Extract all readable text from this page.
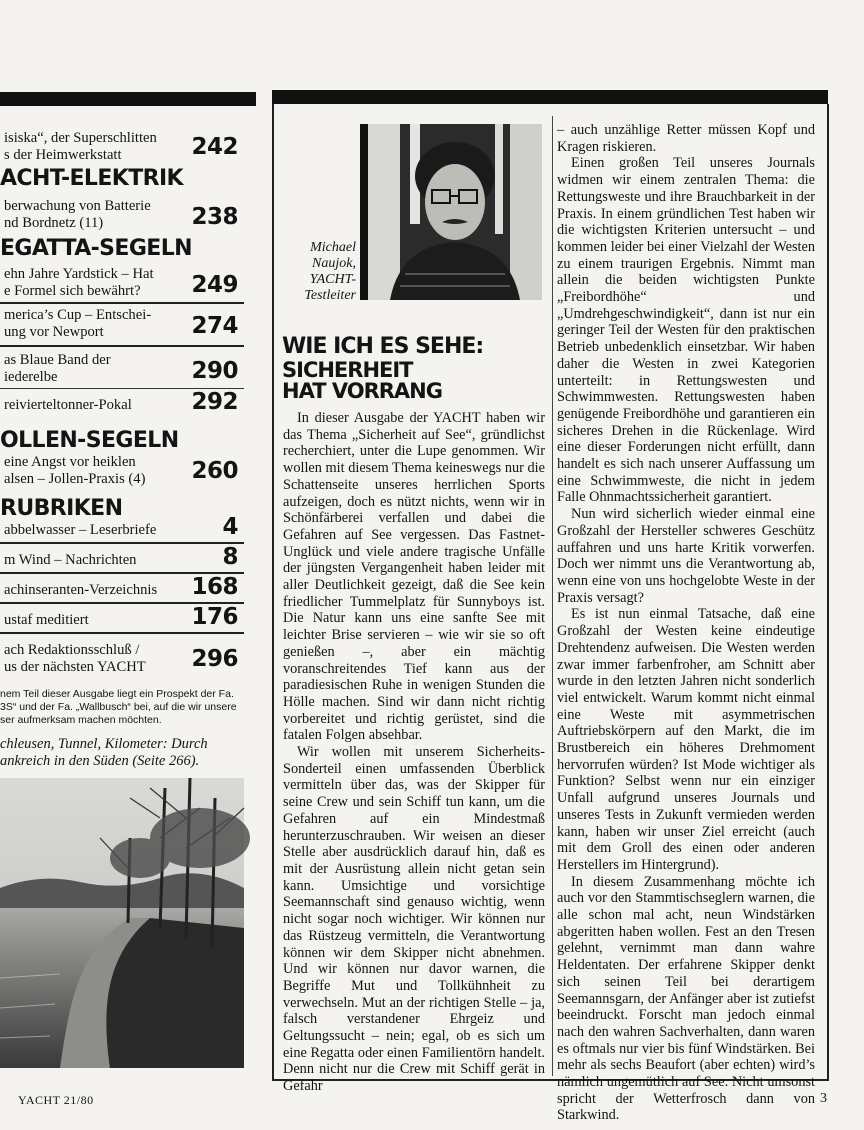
isiska“, der Superschlitten
s der Heimwerkstatt	242
ACHT-ELEKTRIK
berwachung von Batterie
nd Bordnetz (11)	238
EGATTA-SEGELN
ehn Jahre Yardstick – Hat
e Formel sich bewährt?	249
merica’s Cup – Entschei-
ung vor Newport	274
as Blaue Band der
iederelbe	290
reivierteltonner-Pokal	292
OLLEN-SEGELN
eine Angst vor heiklen
alsen – Jollen-Praxis (4)	260
RUBRIKEN
abbelwasser – Leserbriefe	4
m Wind – Nachrichten	8
achinseranten-Verzeichnis	168
ustaf meditiert	176
ach Redaktionsschluß /
us der nächsten YACHT	296
nem Teil dieser Ausgabe liegt ein Prospekt der Fa.
3S“ und der Fa. „Wallbusch“ bei, auf die wir unsere
ser aufmerksam machen möchten.
chleusen, Tunnel, Kilometer: Durch
ankreich in den Süden (Seite 266).
Michael
Naujok,
YACHT-
Testleiter
WIE ICH ES SEHE:
SICHERHEIT
HAT VORRANG

In dieser Ausgabe der YACHT haben wir das Thema „Sicherheit auf See“, gründlichst recherchiert, unter die Lupe genommen. Wir wollen mit diesem Thema keineswegs nur die Schattenseite unseres herrlichen Sports aufzeigen, doch es nützt nichts, wenn wir in Schönfärberei verfallen und dabei die Gefahren auf See vergessen. Das Fastnet-Unglück und viele andere tragische Unfälle der jüngsten Vergangenheit haben leider mit aller Deutlichkeit gezeigt, daß die See kein friedlicher Tummelplatz für Sunnyboys ist. Die Natur kann uns eine sanfte See mit leichter Brise servieren – wie wir sie so oft genießen –, aber ein mächtig voranschreitendes Tief kann aus der paradiesischen Ruhe in wenigen Stunden die Hölle machen. Sind wir dann nicht richtig vorbereitet und richtig gerüstet, sind die fatalen Folgen absehbar.

Wir wollen mit unserem Sicherheits-Sonderteil einen umfassenden Überblick vermitteln über das, was der Skipper für seine Crew und sein Schiff tun kann, um die Gefahren auf ein Mindestmaß herunterzuschrauben. Wir weisen an dieser Stelle aber ausdrücklich darauf hin, daß es mit der Ausrüstung allein nicht getan sein kann. Umsichtige und vorsichtige Seemannschaft sind genauso wichtig, wenn nicht sogar noch wichtiger. Wir können nur das Rüstzeug vermitteln, die Verantwortung können wir dem Skipper nicht abnehmen. Und wir können nur davor warnen, die Begriffe Mut und Tollkühnheit zu verwechseln. Mut an der richtigen Stelle – ja, falsch verstandener Ehrgeiz und Geltungssucht – nein; egal, ob es sich um eine Regatta oder einen Familientörn handelt. Denn nicht nur die Crew mit Schiff gerät in Gefahr

– auch unzählige Retter müssen Kopf und Kragen riskieren.

Einen großen Teil unseres Journals widmen wir einem zentralen Thema: die Rettungsweste und ihre Brauchbarkeit in der Praxis. In einem gründlichen Test haben wir die wichtigsten Kriterien untersucht – und kommen leider bei einer Vielzahl der Westen zu einem traurigen Ergebnis. Nimmt man allein die beiden wichtigsten Punkte „Freibordhöhe“ und „Umdrehgeschwindigkeit“, dann ist nur ein geringer Teil der Westen für den praktischen Betrieb unbedenklich einsetzbar. Wir haben daher die Westen in zwei Kategorien unterteilt: in Rettungswesten und Schwimmwesten. Rettungswesten haben genügende Freibordhöhe und garantieren ein sicheres Drehen in die Rückenlage. Wird eine dieser Forderungen nicht erfüllt, dann handelt es sich nach unserer Auffassung um eine Schwimmweste, die nicht in jedem Falle Ohnmachtssicherheit garantiert.

Nun wird sicherlich wieder einmal eine Großzahl der Hersteller schweres Geschütz auffahren und uns harte Kritik vorwerfen. Doch wer nimmt uns die Verantwortung ab, wenn eine von uns hochgelobte Weste in der Praxis versagt?

Es ist nun einmal Tatsache, daß eine Großzahl der Westen keine eindeutige Drehtendenz aufweisen. Die Westen werden zwar immer farbenfroher, am Schnitt aber wurde in den letzten Jahren nicht sonderlich viel entwickelt. Warum kommt nicht einmal eine Weste mit asymmetrischen Auftriebskörpern auf den Markt, die im Brustbereich ein höheres Drehmoment hervorrufen würden? Ist Mode wichtiger als Funktion? Selbst wenn nur ein einziger Unfall aufgrund unseres Journals und unseres Tests in Zukunft vermieden werden kann, haben wir unser Ziel erreicht (auch mit dem Groll des einen oder anderen Herstellers im Hintergrund).

In diesem Zusammenhang möchte ich auch vor den Stammtischseglern warnen, die alle schon mal acht, neun Windstärken abgeritten haben wollen. Fest an den Tresen gelehnt, vernimmt man dann wahre Heldentaten. Der erfahrene Skipper denkt sich seinen Teil bei derartigem Seemannsgarn, der Anfänger aber ist zutiefst beeindruckt. Forscht man jedoch einmal nach den wahren Sachverhalten, dann waren es oftmals nur vier bis fünf Windstärken. Bei mehr als sechs Beaufort (aber echten) wird’s nämlich ungemütlich auf See. Nicht umsonst spricht der Wetterfrosch dann von Starkwind.

YACHT 21/80	3
